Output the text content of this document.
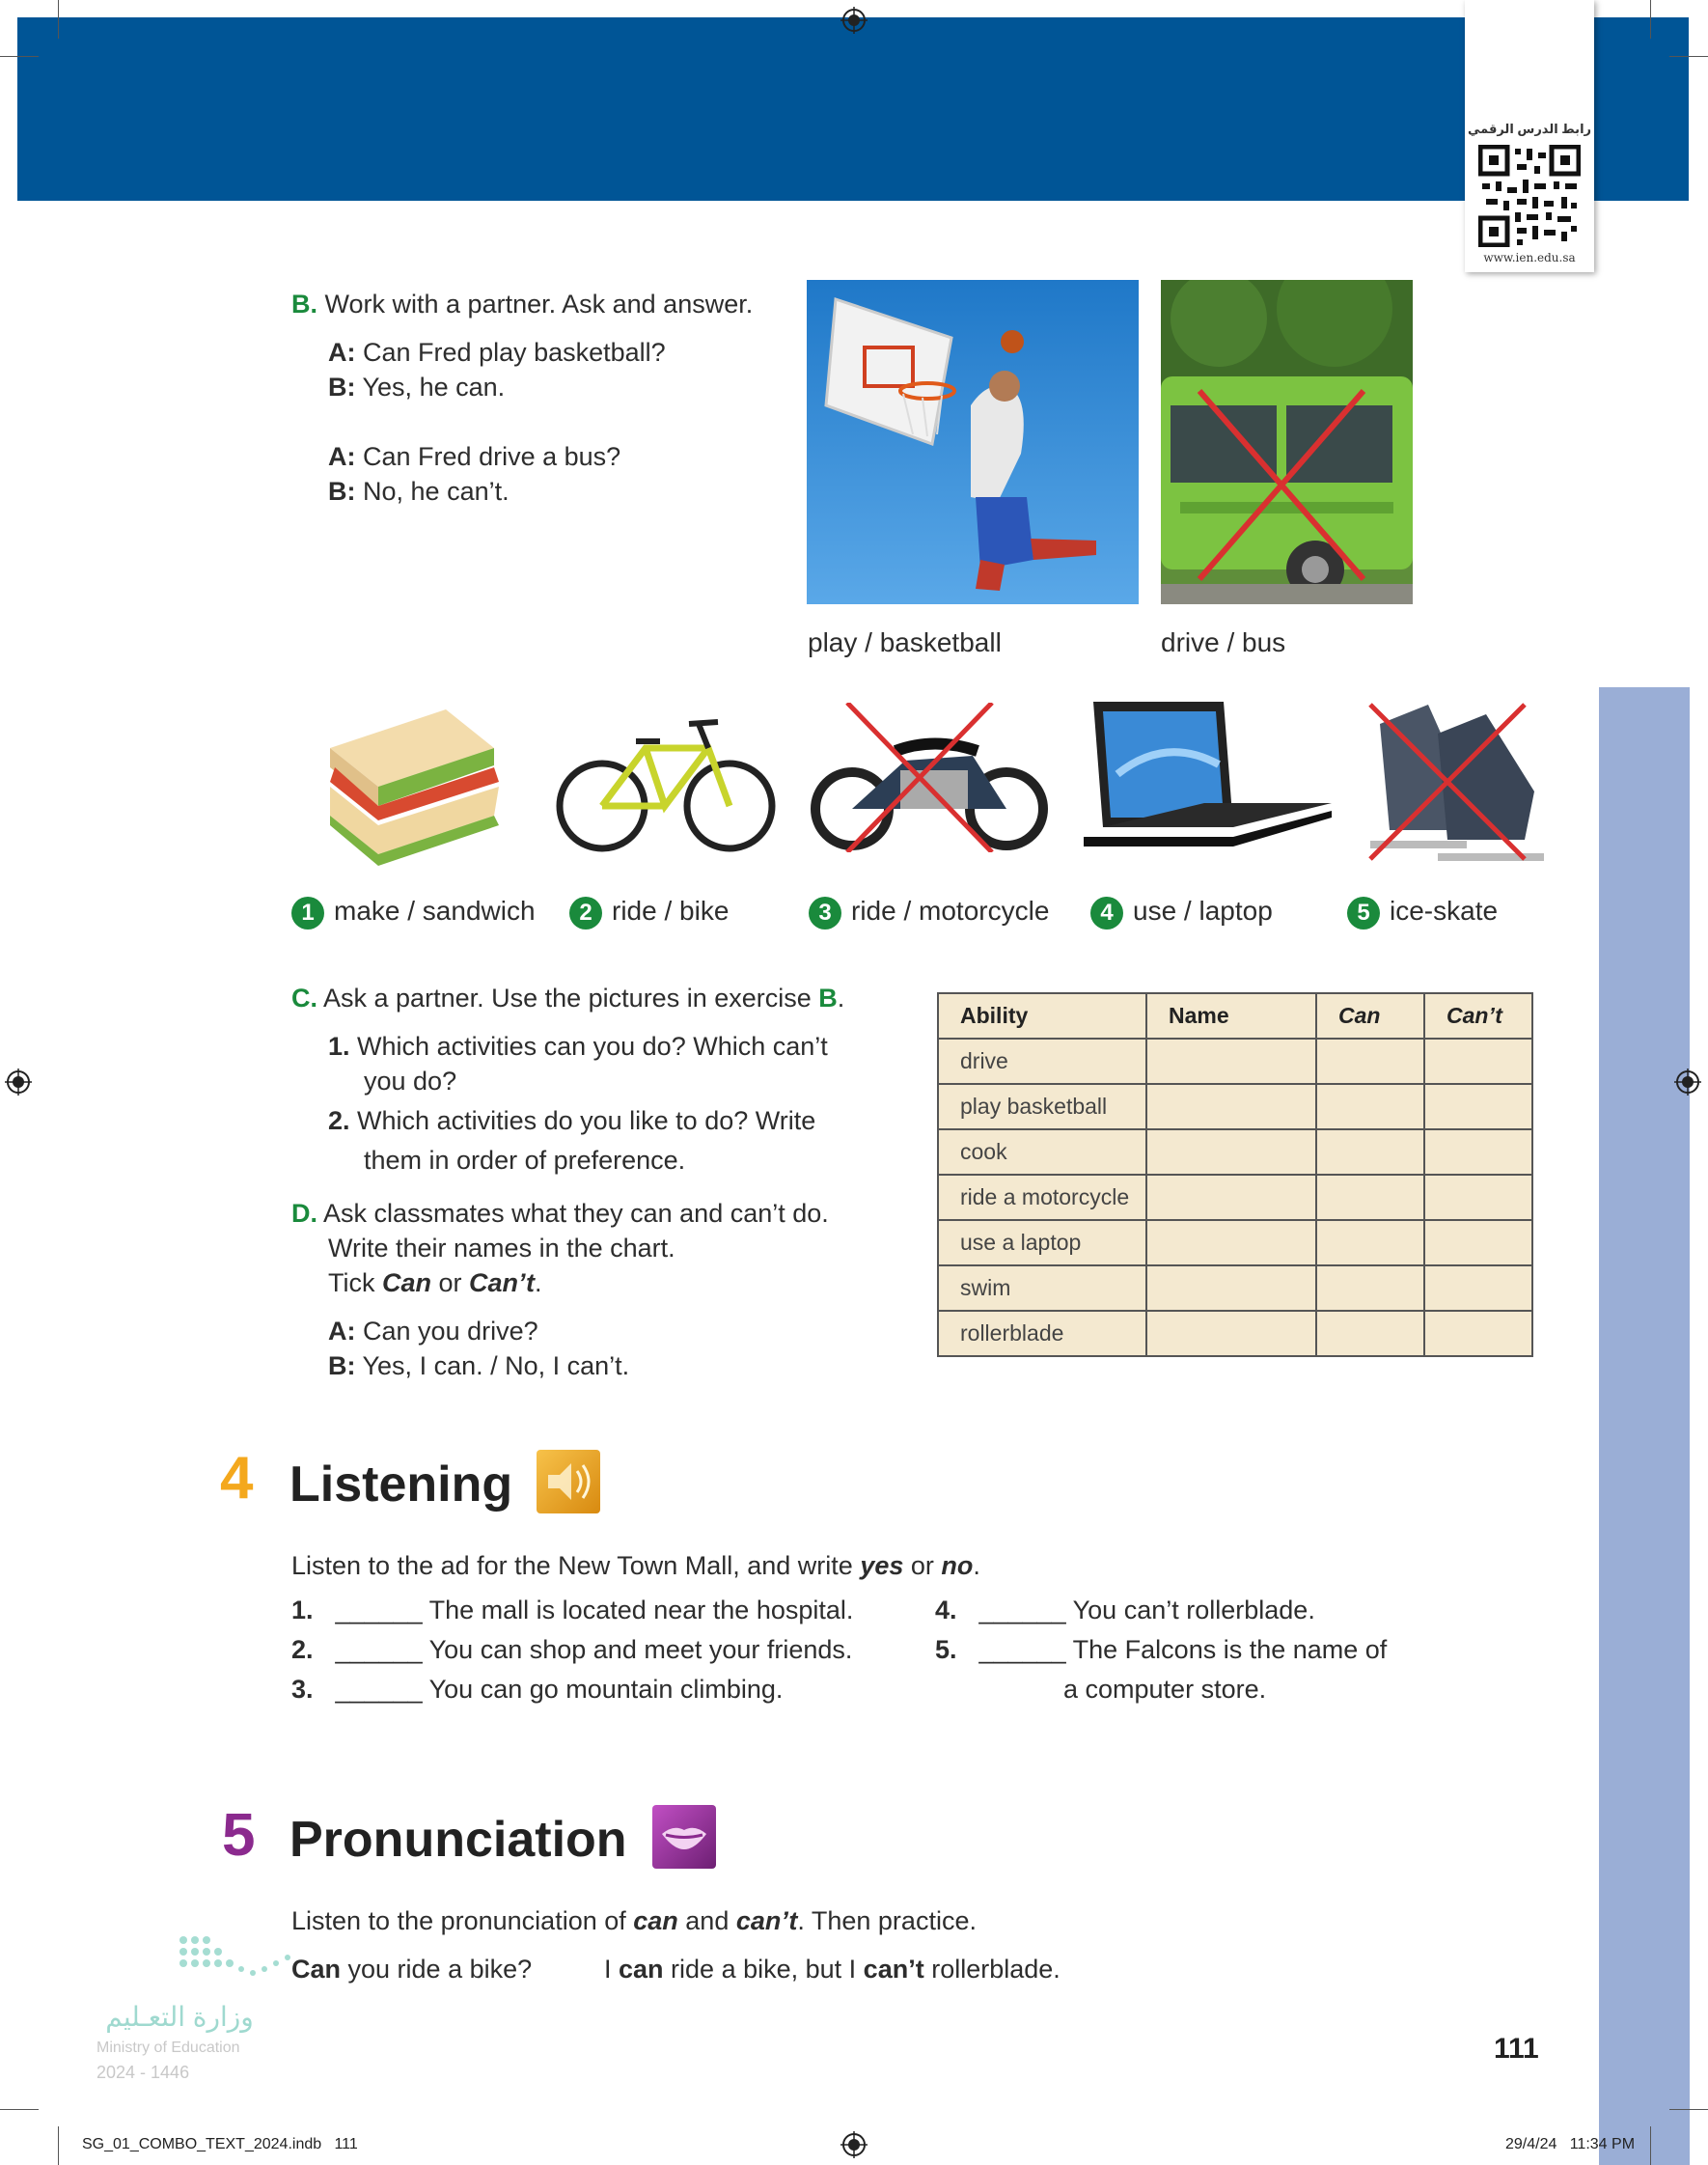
رابط الدرس الرقمي
www.ien.edu.sa
B. Work with a partner. Ask and answer.
A: Can Fred play basketball?
B: Yes, he can.
A: Can Fred drive a bus?
B: No, he can’t.
play / basketball	drive / bus
1 make / sandwich	2 ride / bike	3 ride / motorcycle	4 use / laptop	5 ice-skate
C. Ask a partner. Use the pictures in exercise B.
1. Which activities can you do? Which can’t
you do?
2. Which activities do you like to do? Write
them in order of preference.
D. Ask classmates what they can and can’t do.
Write their names in the chart.
Tick Can or Can’t.
A: Can you drive?
B: Yes, I can. / No, I can’t.
Ability	Name	Can	Can’t
drive			
play basketball			
cook			
ride a motorcycle			
use a laptop			
swim			
rollerblade			
4 Listening
Listen to the ad for the New Town Mall, and write yes or no.
1. ______ The mall is located near the hospital.
2. ______ You can shop and meet your friends.
3. ______ You can go mountain climbing.
4. ______ You can’t rollerblade.
5. ______ The Falcons is the name of
a computer store.
5 Pronunciation
Listen to the pronunciation of can and can’t. Then practice.
Can you ride a bike?	I can ride a bike, but I can’t rollerblade.
وزارة التعـليم
Ministry of Education
2024 - 1446
111
SG_01_COMBO_TEXT_2024.indb   111	29/4/24   11:34 PM
